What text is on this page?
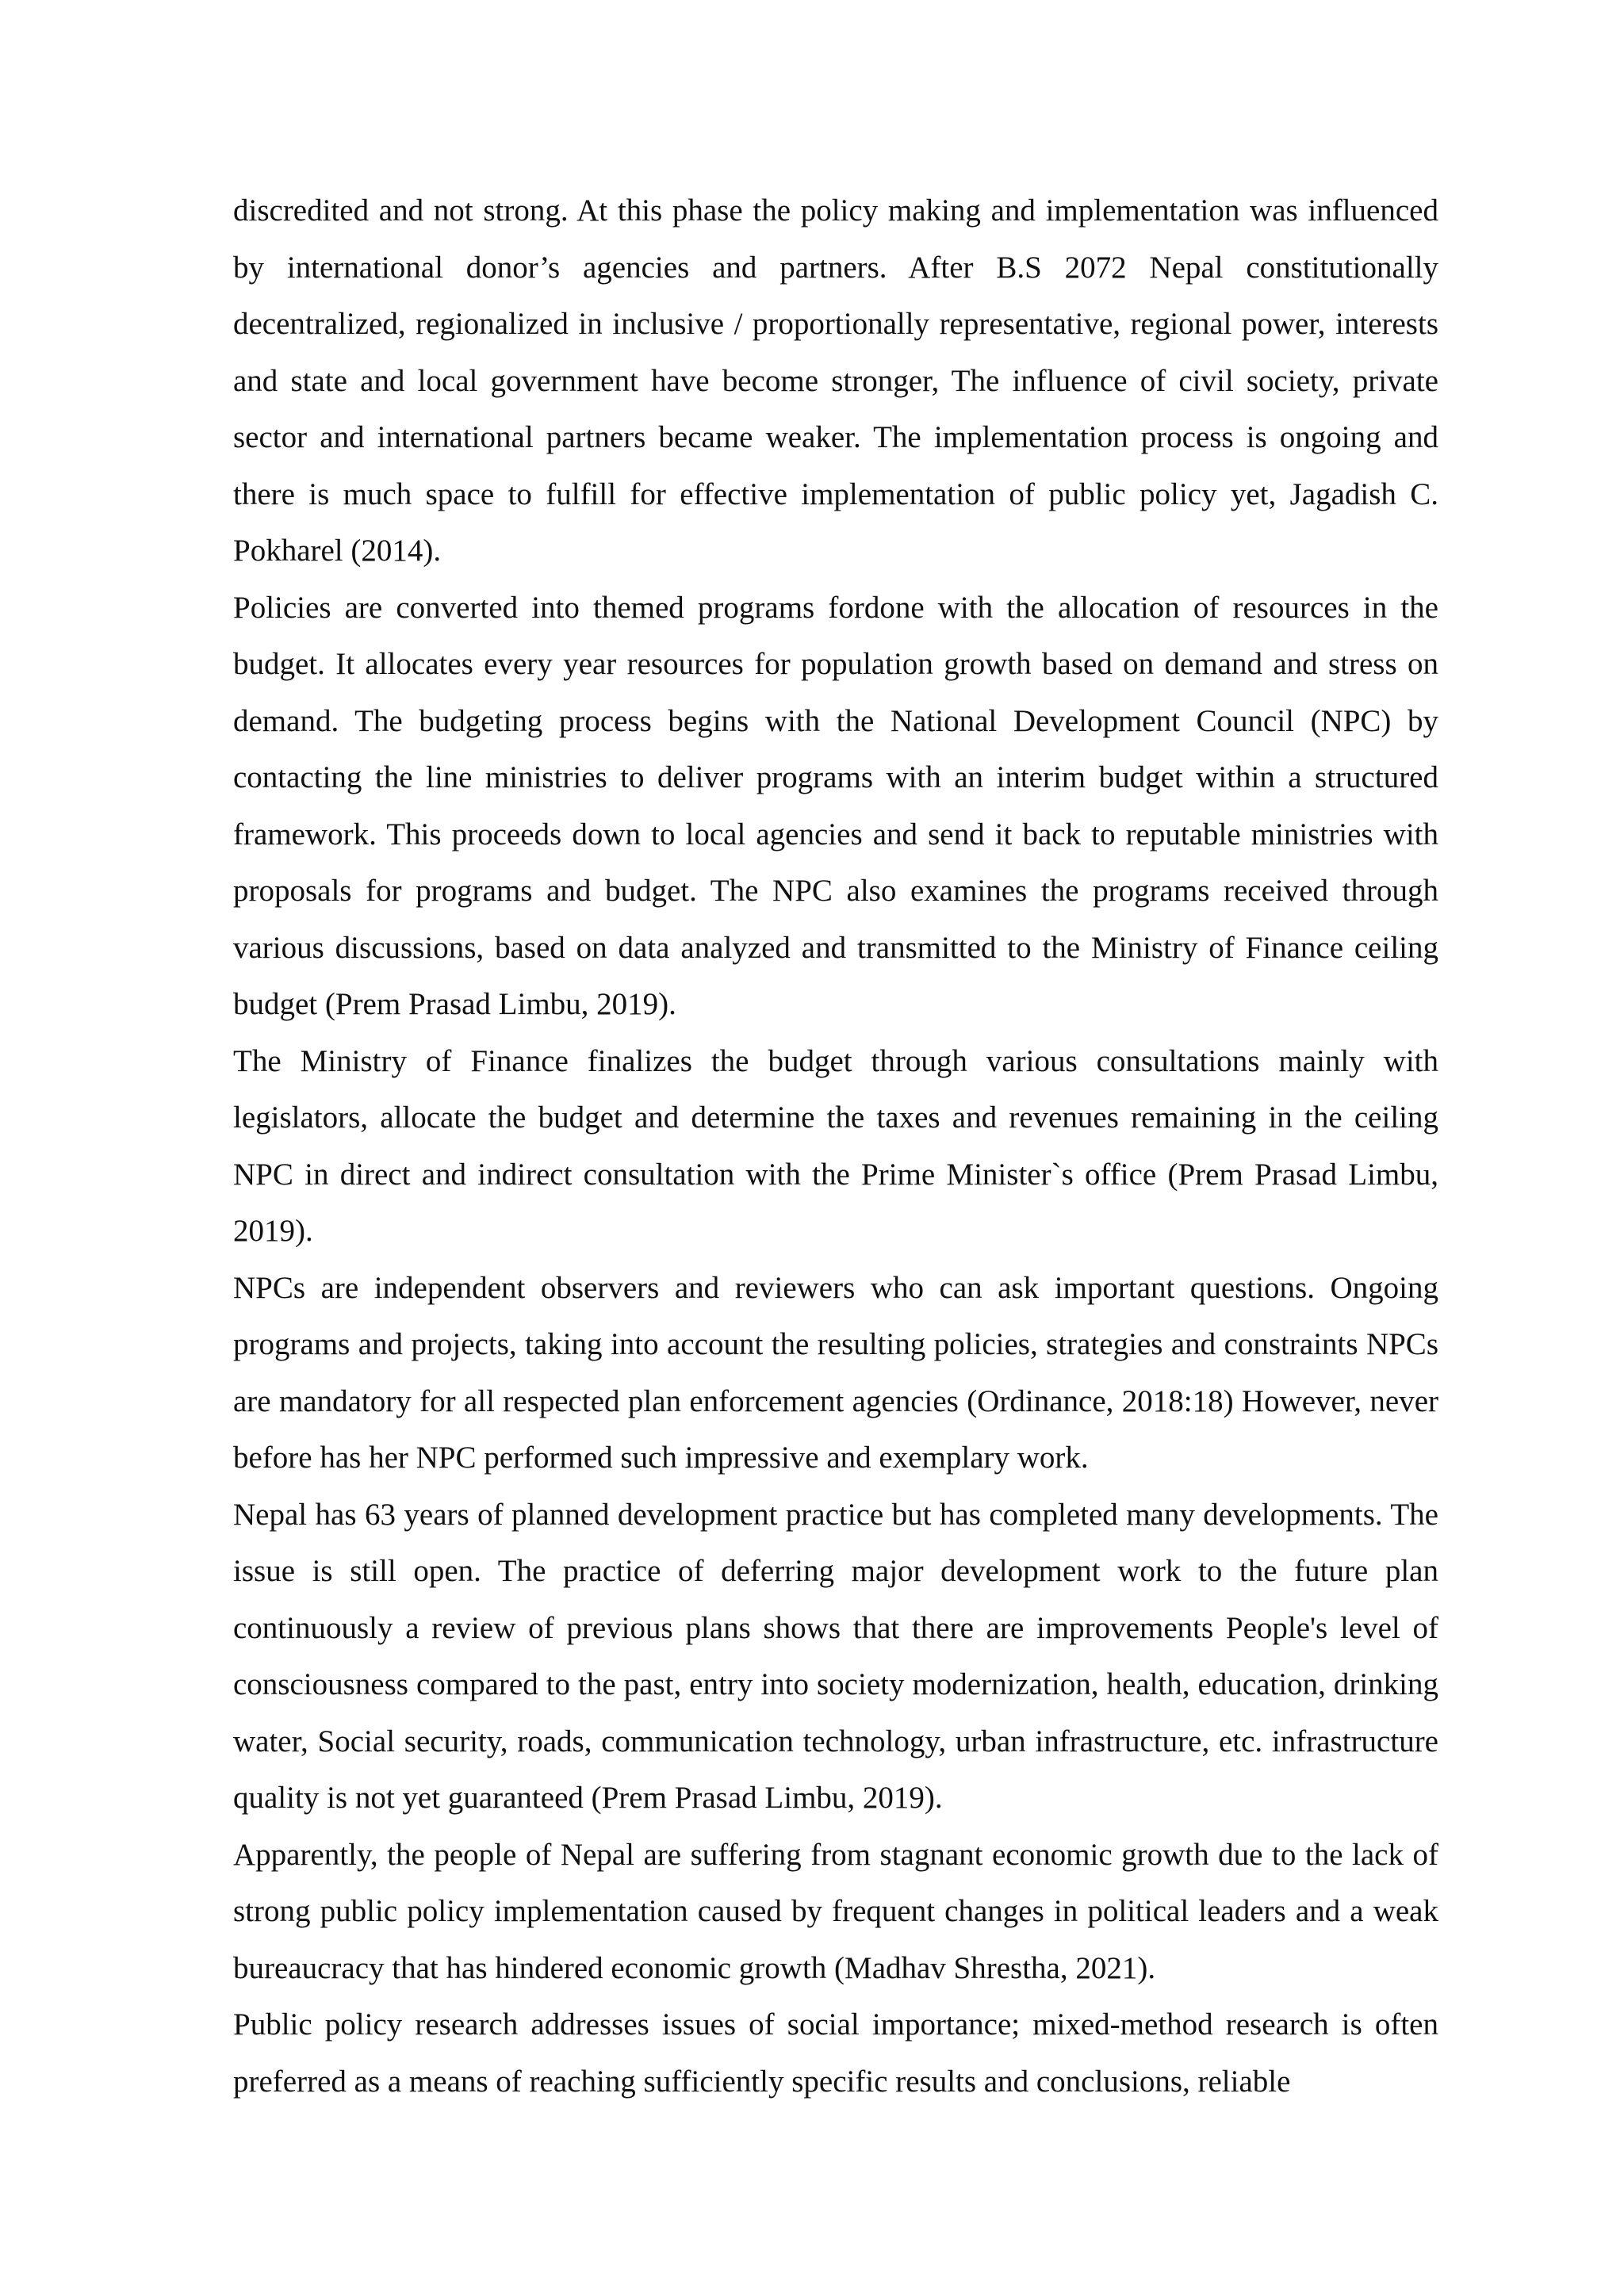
discredited and not strong. At this phase the policy making and implementation was influenced by international donor’s agencies and partners. After B.S 2072 Nepal constitutionally decentralized, regionalized in inclusive / proportionally representative, regional power, interests and state and local government have become stronger, The influence of civil society, private sector and international partners became weaker. The implementation process is ongoing and there is much space to fulfill for effective implementation of public policy yet, Jagadish C. Pokharel (2014).

Policies are converted into themed programs fordone with the allocation of resources in the budget. It allocates every year resources for population growth based on demand and stress on demand. The budgeting process begins with the National Development Council (NPC) by contacting the line ministries to deliver programs with an interim budget within a structured framework. This proceeds down to local agencies and send it back to reputable ministries with proposals for programs and budget. The NPC also examines the programs received through various discussions, based on data analyzed and transmitted to the Ministry of Finance ceiling budget (Prem Prasad Limbu, 2019).

The Ministry of Finance finalizes the budget through various consultations mainly with legislators, allocate the budget and determine the taxes and revenues remaining in the ceiling NPC in direct and indirect consultation with the Prime Minister`s office (Prem Prasad Limbu, 2019).

NPCs are independent observers and reviewers who can ask important questions. Ongoing programs and projects, taking into account the resulting policies, strategies and constraints NPCs are mandatory for all respected plan enforcement agencies (Ordinance, 2018:18) However, never before has her NPC performed such impressive and exemplary work.

Nepal has 63 years of planned development practice but has completed many developments. The issue is still open. The practice of deferring major development work to the future plan continuously a review of previous plans shows that there are improvements People's level of consciousness compared to the past, entry into society modernization, health, education, drinking water, Social security, roads, communication technology, urban infrastructure, etc. infrastructure quality is not yet guaranteed (Prem Prasad Limbu, 2019).

Apparently, the people of Nepal are suffering from stagnant economic growth due to the lack of strong public policy implementation caused by frequent changes in political leaders and a weak bureaucracy that has hindered economic growth (Madhav Shrestha, 2021).

Public policy research addresses issues of social importance; mixed-method research is often preferred as a means of reaching sufficiently specific results and conclusions, reliable
